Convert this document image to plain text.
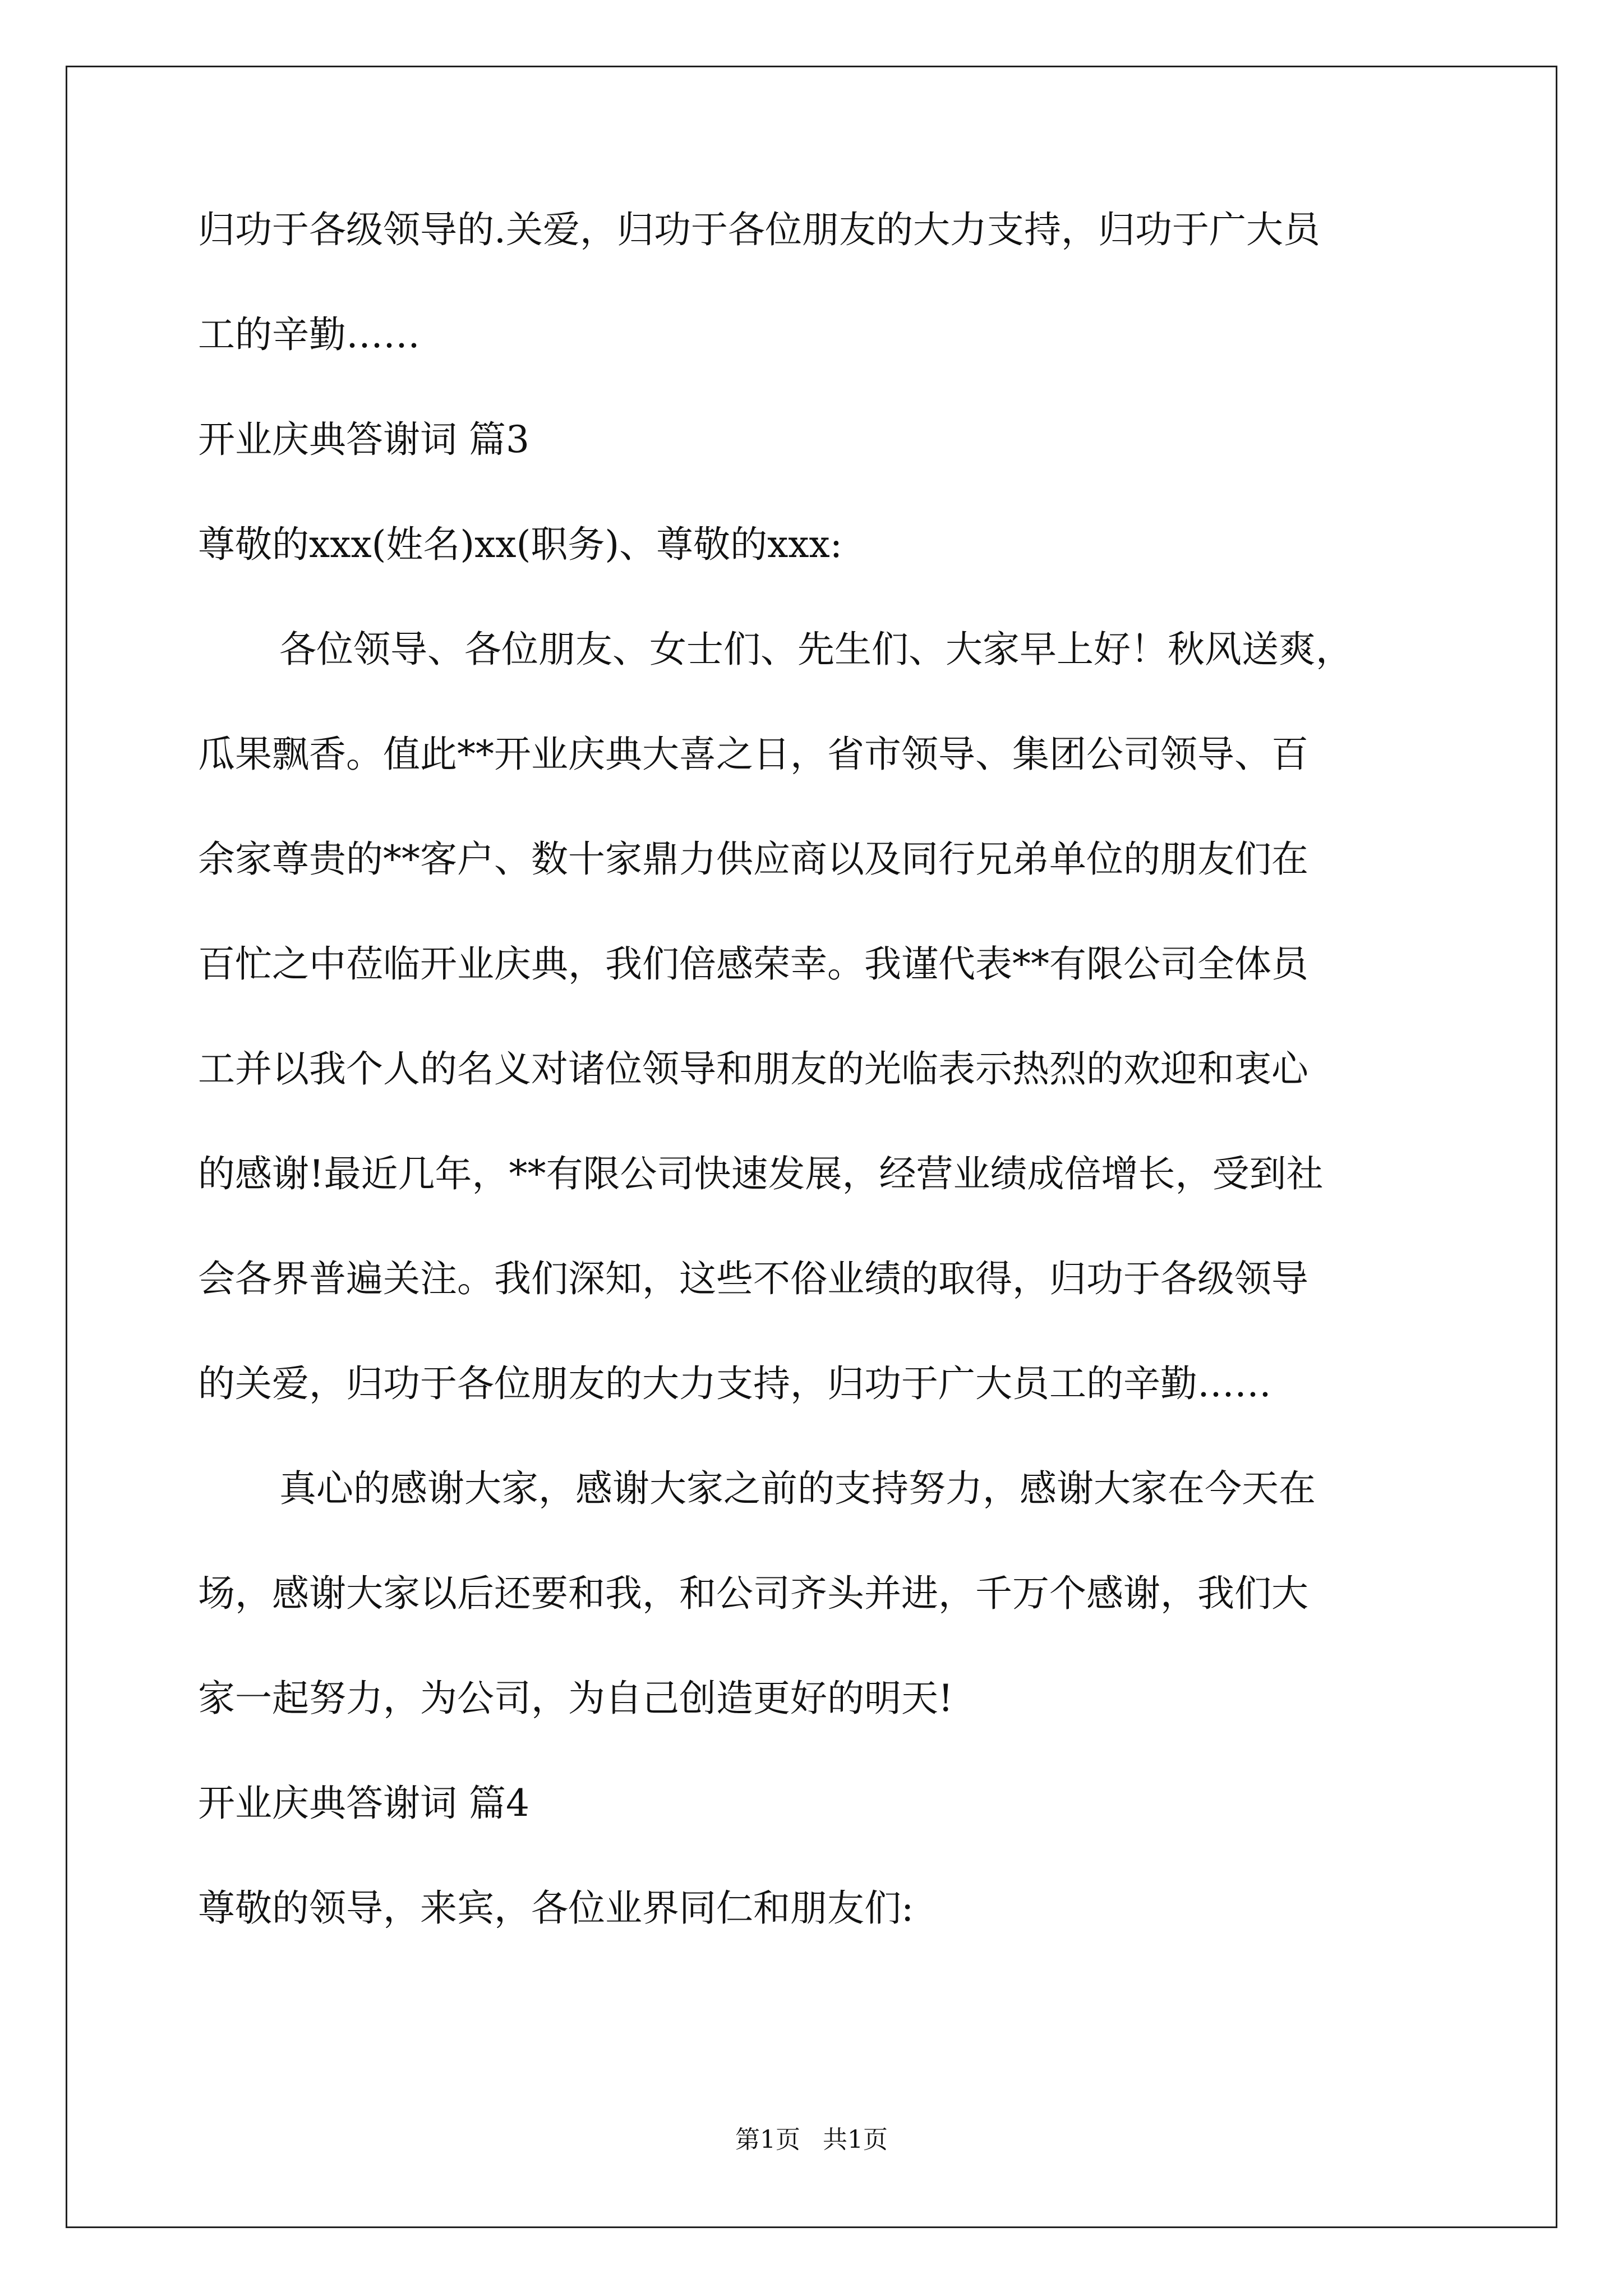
归功于各级领导的.关爱，归功于各位朋友的大力支持，归功于广大员
工的辛勤……
开业庆典答谢词 篇3
尊敬的xxx(姓名)xx(职务)、尊敬的xxx:
各位领导、各位朋友、女士们、先生们、大家早上好！秋风送爽，
瓜果飘香。值此**开业庆典大喜之日，省市领导、集团公司领导、百
余家尊贵的**客户、数十家鼎力供应商以及同行兄弟单位的朋友们在
百忙之中莅临开业庆典，我们倍感荣幸。我谨代表**有限公司全体员
工并以我个人的名义对诸位领导和朋友的光临表示热烈的欢迎和衷心
的感谢!最近几年，**有限公司快速发展，经营业绩成倍增长，受到社
会各界普遍关注。我们深知，这些不俗业绩的取得，归功于各级领导
的关爱，归功于各位朋友的大力支持，归功于广大员工的辛勤……
真心的感谢大家，感谢大家之前的支持努力，感谢大家在今天在
场，感谢大家以后还要和我，和公司齐头并进，千万个感谢，我们大
家一起努力，为公司，为自己创造更好的明天!
开业庆典答谢词 篇4
尊敬的领导，来宾，各位业界同仁和朋友们:
第1页 共1页
